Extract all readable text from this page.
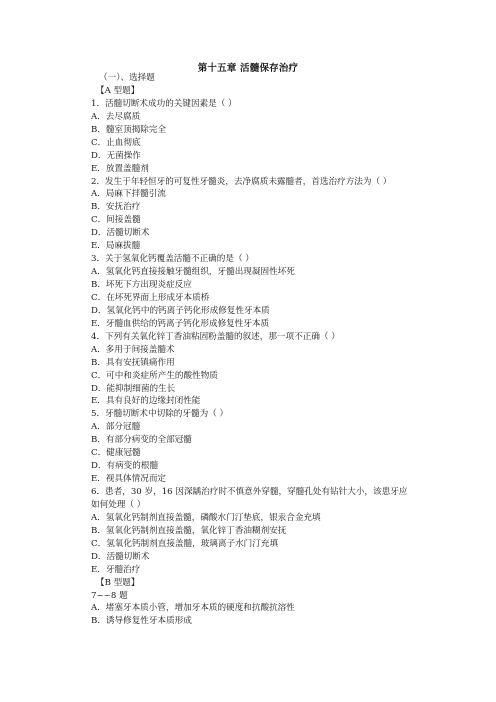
第十五章 活髓保存治疗
（一）、选择题
【A 型题】
1．活髓切断术成功的关键因素是（ ）
A．去尽腐质
B．髓室顶揭除完全
C．止血彻底
D．无菌操作
E．放置盖髓剂
2．发生于年轻恒牙的可复性牙髓炎，去净腐质未露髓者，首选治疗方法为（ ）
A．局麻下拌髓引流
B．安抚治疗
C．间接盖髓
D．活髓切断术
E．局麻拔髓
3．关于氢氧化钙覆盖活髓不正确的是（ ）
A．氢氧化钙直接接触牙髓组织，牙髓出现凝固性坏死
B．坏死下方出现炎症反应
C．在坏死界面上形成牙本质桥
D．氢氧化钙中的钙离子钙化形成修复性牙本质
E．牙髓血供给的钙离子钙化形成修复性牙本质
4．下列有关氧化锌丁香油粘固粉盖髓的叙述，那一项不正确（ ）
A．多用于间接盖髓术
B．具有安抚镇痛作用
C．可中和炎症所产生的酸性物质
D．能抑制细菌的生长
E．具有良好的边缘封闭性能
5．牙髓切断术中切除的牙髓为（ ）
A．部分冠髓
B．有部分病变的全部冠髓
C．健康冠髓
D．有病变的根髓
E．视具体情况而定
6．患者，30 岁，16 因深龋治疗时不慎意外穿髓，穿髓孔处有钻针大小，该患牙应如何处理（ ）
A．氢氧化钙制剂直接盖髓，磷酸水门汀垫底，银汞合金充填
B．氢氧化钙制剂直接盖髓，氧化锌丁香油糊剂安抚
C．氢氧化钙制剂直接盖髓，玻璃离子水门汀充填
D．活髓切断术
E．牙髓治疗
【B 型题】
7~~8 题
A．堵塞牙本质小管，增加牙本质的硬度和抗酸抗溶性
B．诱导修复性牙本质形成
